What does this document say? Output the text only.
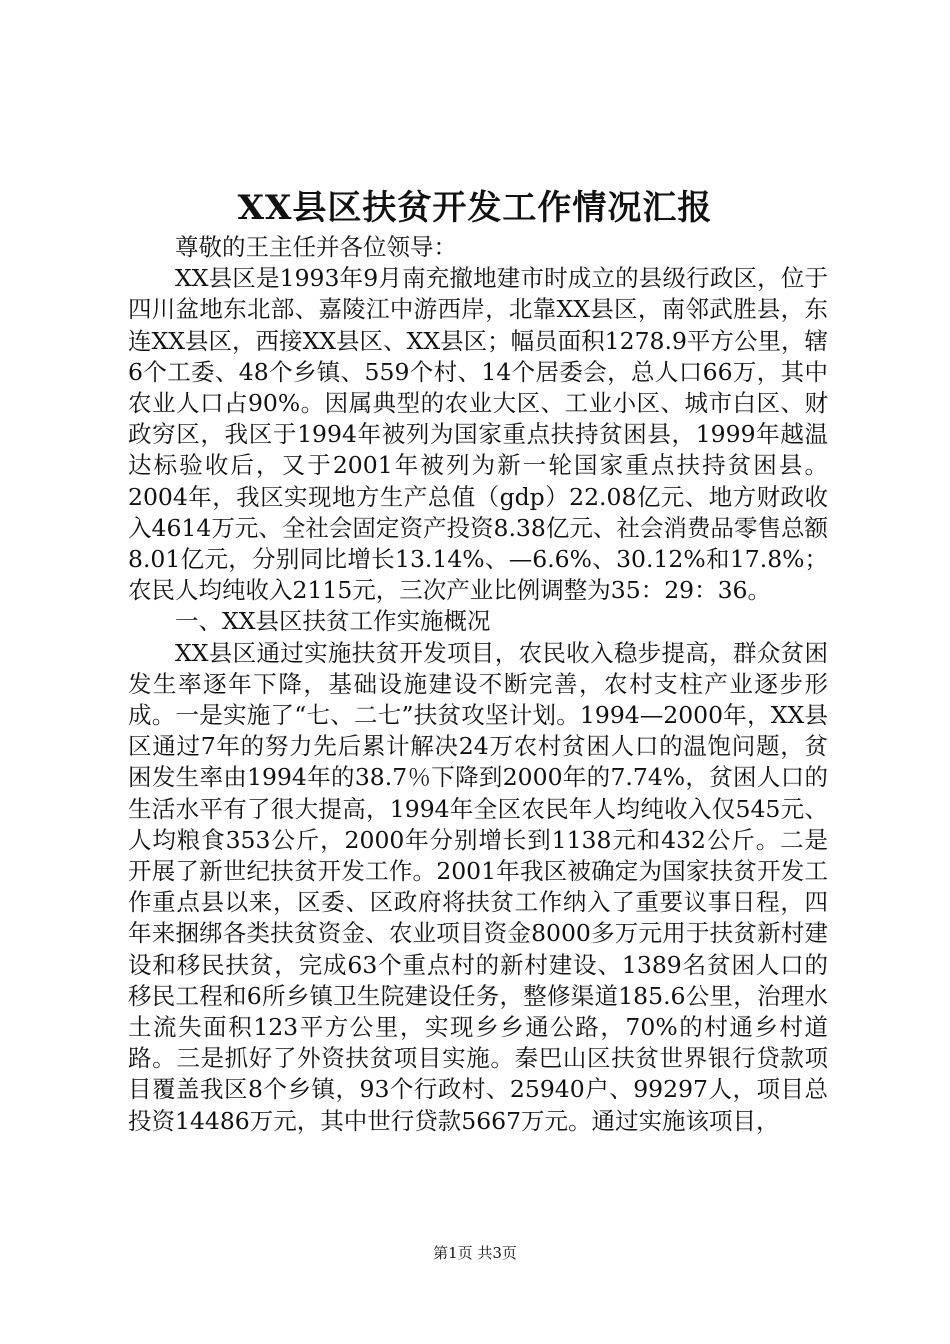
XX县区扶贫开发工作情况汇报

尊敬的王主任并各位领导：

XX县区是1993年9月南充撤地建市时成立的县级行政区，位于四川盆地东北部、嘉陵江中游西岸，北靠XX县区，南邻武胜县，东连XX县区，西接XX县区、XX县区；幅员面积1278.9平方公里，辖6个工委、48个乡镇、559个村、14个居委会，总人口66万，其中农业人口占90%。因属典型的农业大区、工业小区、城市白区、财政穷区，我区于1994年被列为国家重点扶持贫困县，1999年越温达标验收后，又于2001年被列为新一轮国家重点扶持贫困县。2004年，我区实现地方生产总值（gdp）22.08亿元、地方财政收入4614万元、全社会固定资产投资8.38亿元、社会消费品零售总额8.01亿元，分别同比增长13.14%、—6.6%、30.12%和17.8%；农民人均纯收入2115元，三次产业比例调整为35：29：36。

一、XX县区扶贫工作实施概况

XX县区通过实施扶贫开发项目，农民收入稳步提高，群众贫困发生率逐年下降，基础设施建设不断完善，农村支柱产业逐步形成。一是实施了“七、二七”扶贫攻坚计划。1994—2000年，XX县区通过7年的努力先后累计解决24万农村贫困人口的温饱问题，贫困发生率由1994年的38.7％下降到2000年的7.74%，贫困人口的生活水平有了很大提高，1994年全区农民年人均纯收入仅545元、人均粮食353公斤，2000年分别增长到1138元和432公斤。二是开展了新世纪扶贫开发工作。2001年我区被确定为国家扶贫开发工作重点县以来，区委、区政府将扶贫工作纳入了重要议事日程，四年来捆绑各类扶贫资金、农业项目资金8000多万元用于扶贫新村建设和移民扶贫，完成63个重点村的新村建设、1389名贫困人口的移民工程和6所乡镇卫生院建设任务，整修渠道185.6公里，治理水土流失面积123平方公里，实现乡乡通公路，70%的村通乡村道路。三是抓好了外资扶贫项目实施。秦巴山区扶贫世界银行贷款项目覆盖我区8个乡镇，93个行政村、25940户、99297人，项目总投资14486万元，其中世行贷款5667万元。通过实施该项目，

第1页 共3页
